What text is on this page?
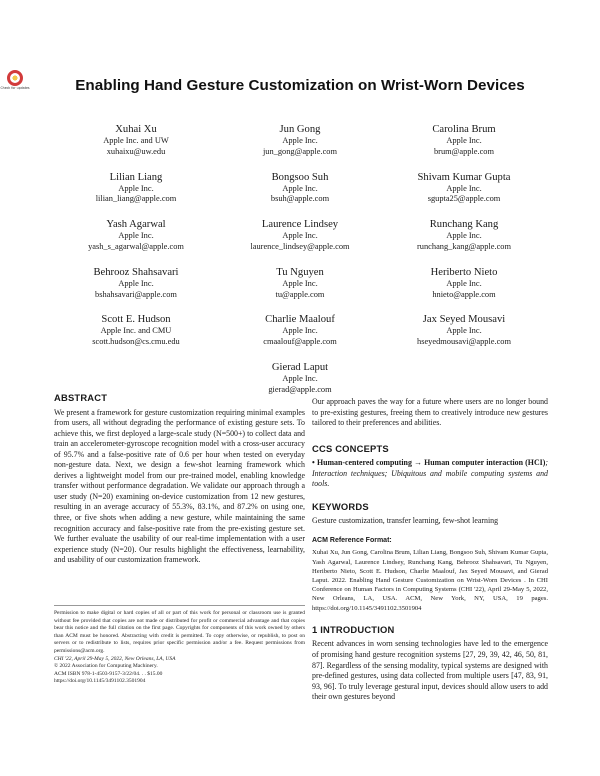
Check for updates	Enabling Hand Gesture Customization on Wrist-Worn Devices
Xuhai Xu
Apple Inc. and UW
xuhaixu@uw.edu
Jun Gong
Apple Inc.
jun_gong@apple.com
Carolina Brum
Apple Inc.
brum@apple.com
Lilian Liang
Apple Inc.
lilian_liang@apple.com
Bongsoo Suh
Apple Inc.
bsuh@apple.com
Shivam Kumar Gupta
Apple Inc.
sgupta25@apple.com
Yash Agarwal
Apple Inc.
yash_s_agarwal@apple.com
Laurence Lindsey
Apple Inc.
laurence_lindsey@apple.com
Runchang Kang
Apple Inc.
runchang_kang@apple.com
Behrooz Shahsavari
Apple Inc.
bshahsavari@apple.com
Tu Nguyen
Apple Inc.
tu@apple.com
Heriberto Nieto
Apple Inc.
hnieto@apple.com
Scott E. Hudson
Apple Inc. and CMU
scott.hudson@cs.cmu.edu
Charlie Maalouf
Apple Inc.
cmaalouf@apple.com
Jax Seyed Mousavi
Apple Inc.
hseyedmousavi@apple.com
Gierad Laput
Apple Inc.
gierad@apple.com
ABSTRACT

We present a framework for gesture customization requiring minimal examples from users, all without degrading the performance of existing gesture sets. To achieve this, we first deployed a large-scale study (N=500+) to collect data and train an accelerometer-gyroscope recognition model with a cross-user accuracy of 95.7% and a false-positive rate of 0.6 per hour when tested on everyday non-gesture data. Next, we design a few-shot learning framework which derives a lightweight model from our pre-trained model, enabling knowledge transfer without performance degradation. We validate our approach through a user study (N=20) examining on-device customization from 12 new gestures, resulting in an average accuracy of 55.3%, 83.1%, and 87.2% on using one, three, or five shots when adding a new gesture, while maintaining the same recognition accuracy and false-positive rate from the pre-existing gesture set. We further evaluate the usability of our real-time implementation with a user experience study (N=20). Our results highlight the effectiveness, learnability, and usability of our customization framework.

Permission to make digital or hard copies of all or part of this work for personal or classroom use is granted without fee provided that copies are not made or distributed for profit or commercial advantage and that copies bear this notice and the full citation on the first page. Copyrights for components of this work owned by others than ACM must be honored. Abstracting with credit is permitted. To copy otherwise, or republish, to post on servers or to redistribute to lists, requires prior specific permission and/or a fee. Request permissions from permissions@acm.org.

CHI '22, April 29-May 5, 2022, New Orleans, LA, USA
© 2022 Association for Computing Machinery.
ACM ISBN 978-1-4503-9157-3/22/04. . . $15.00
https://doi.org/10.1145/3491102.3501904

Our approach paves the way for a future where users are no longer bound to pre-existing gestures, freeing them to creatively introduce new gestures tailored to their preferences and abilities.

CCS CONCEPTS

• Human-centered computing → Human computer interaction (HCI); Interaction techniques; Ubiquitous and mobile computing systems and tools.

KEYWORDS

Gesture customization, transfer learning, few-shot learning

ACM Reference Format:

Xuhai Xu, Jun Gong, Carolina Brum, Lilian Liang, Bongsoo Suh, Shivam Kumar Gupta, Yash Agarwal, Laurence Lindsey, Runchang Kang, Behrooz Shahsavari, Tu Nguyen, Heriberto Nieto, Scott E. Hudson, Charlie Maalouf, Jax Seyed Mousavi, and Gierad Laput. 2022. Enabling Hand Gesture Customization on Wrist-Worn Devices . In CHI Conference on Human Factors in Computing Systems (CHI '22), April 29-May 5, 2022, New Orleans, LA, USA. ACM, New York, NY, USA, 19 pages. https://doi.org/10.1145/3491102.3501904

1 INTRODUCTION

Recent advances in worn sensing technologies have led to the emergence of promising hand gesture recognition systems [27, 29, 39, 42, 46, 50, 81, 87]. Regardless of the sensing modality, typical systems are designed with pre-defined gestures, using data collected from multiple users [47, 83, 91, 93, 96]. To truly leverage gestural input, devices should allow users to add their own gestures beyond
